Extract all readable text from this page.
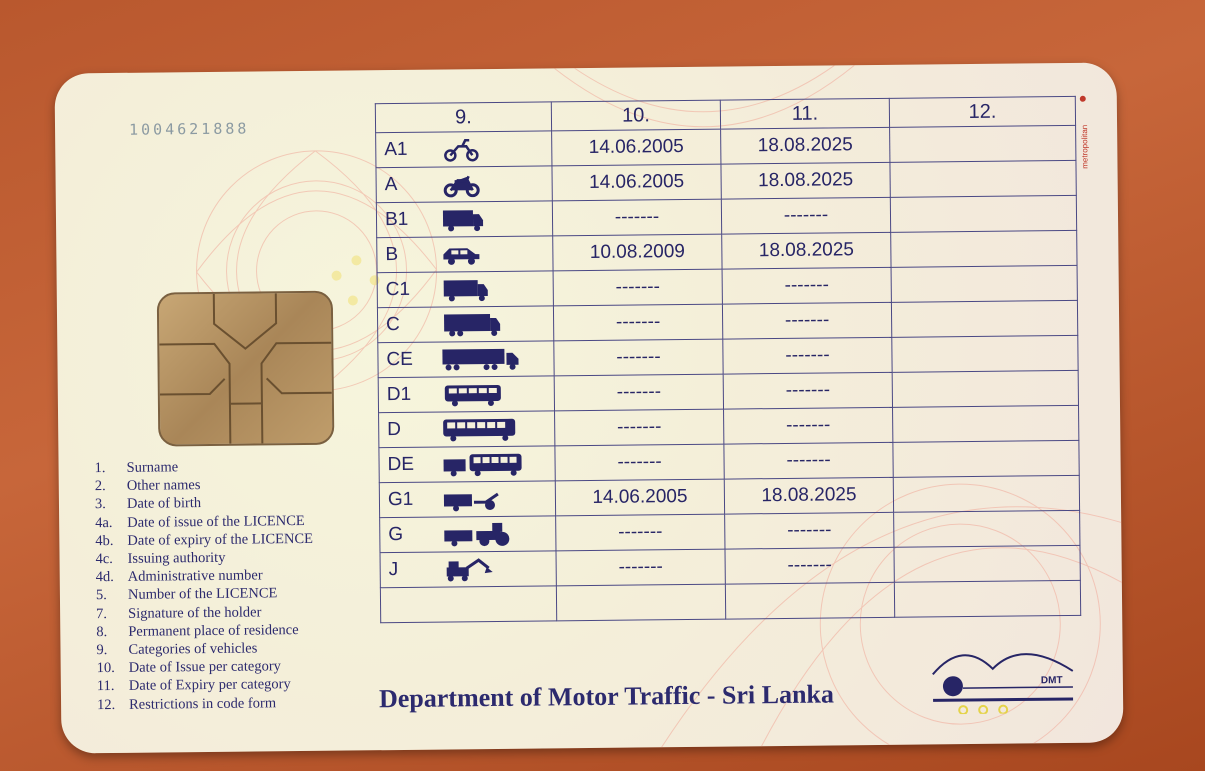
1004621888
1.	Surname
2.	Other names
3.	Date of birth
4a.	Date of issue of the LICENCE
4b. Date of expiry of the LICENCE
4c.	Issuing authority
4d. Administrative number
5.	Number of the LICENCE
7.	Signature of the holder
8.	Permanent place of residence
9.	Categories of vehicles
10. Date of Issue per category
11. Date of Expiry per category
12. Restrictions in code form
9.	10.	11.	12.

A1	14.06.2005	18.08.2025	

A	14.06.2005	18.08.2025	

B1	-------	-------	

B	10.08.2009	18.08.2025	

C1	-------	-------	

C	-------	-------	

CE	-------	-------	

D1	-------	-------	

D	-------	-------	

DE	-------	-------	

G1	14.06.2005	18.08.2025	

G	-------	-------	

J	-------	-------	

Department of Motor Traffic - Sri Lanka	DMT
metropolitan
